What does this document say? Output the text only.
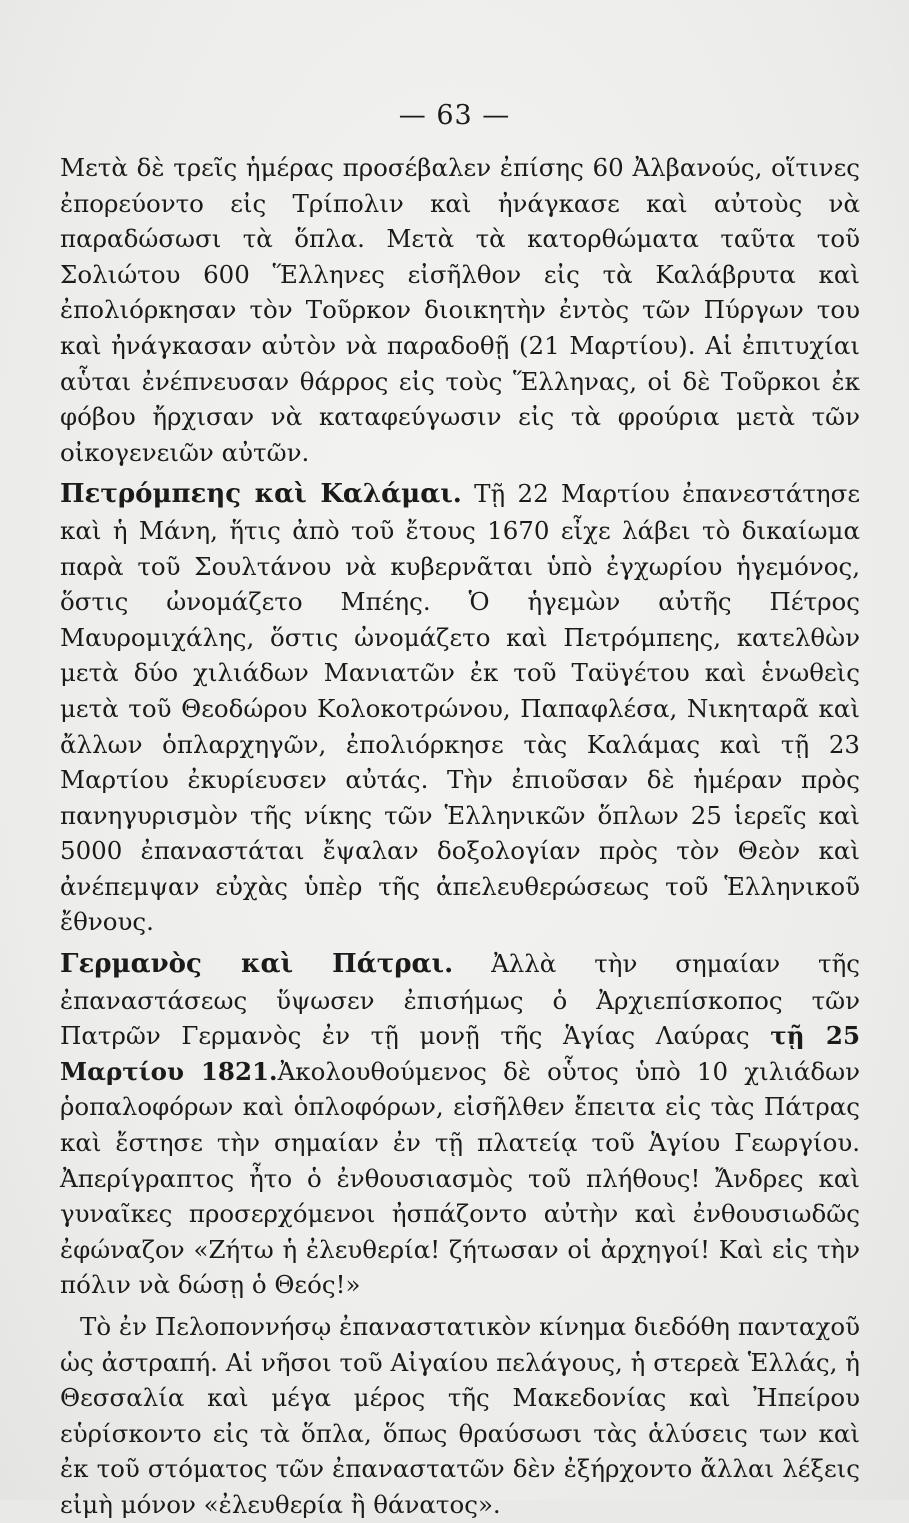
— 63 —

Μετὰ δὲ τρεῖς ἡμέρας προσέβαλεν ἐπίσης 60 Ἀλβανούς, οἵτινες ἐπορεύοντο εἰς Τρίπολιν καὶ ἠνάγκασε καὶ αὐτοὺς νὰ παραδώσωσι τὰ ὅπλα. Μετὰ τὰ κατορθώματα ταῦτα τοῦ Σολιώτου 600 Ἕλληνες εἰσῆλθον εἰς τὰ Καλάβρυτα καὶ ἐπολιόρκησαν τὸν Τοῦρκον διοικητὴν ἐντὸς τῶν Πύργων του καὶ ἠνάγκασαν αὐτὸν νὰ παραδοθῇ (21 Μαρτίου). Αἱ ἐπιτυχίαι αὗται ἐνέπνευσαν θάρρος εἰς τοὺς Ἕλληνας, οἱ δὲ Τοῦρκοι ἐκ φόβου ἤρχισαν νὰ καταφεύγωσιν εἰς τὰ φρούρια μετὰ τῶν οἰκογενειῶν αὐτῶν.

Πετρόμπεης καὶ Καλάμαι. Τῇ 22 Μαρτίου ἐπανεστάτησε καὶ ἡ Μάνη, ἥτις ἀπὸ τοῦ ἔτους 1670 εἶχε λάβει τὸ δικαίωμα παρὰ τοῦ Σουλτάνου νὰ κυβερνᾶται ὑπὸ ἐγχωρίου ἡγεμόνος, ὅστις ὠνομάζετο Μπέης. Ὁ ἡγεμὼν αὐτῆς Πέτρος Μαυρομιχάλης, ὅστις ὠνομάζετο καὶ Πετρόμπεης, κατελθὼν μετὰ δύο χιλιάδων Μανιατῶν ἐκ τοῦ Ταϋγέτου καὶ ἑνωθεὶς μετὰ τοῦ Θεοδώρου Κολοκοτρώνου, Παπαφλέσα, Νικηταρᾶ καὶ ἄλλων ὁπλαρχηγῶν, ἐπολιόρκησε τὰς Καλάμας καὶ τῇ 23 Μαρτίου ἐκυρίευσεν αὐτάς. Τὴν ἐπιοῦσαν δὲ ἡμέραν πρὸς πανηγυρισμὸν τῆς νίκης τῶν Ἑλληνικῶν ὅπλων 25 ἱερεῖς καὶ 5000 ἐπαναστάται ἔψαλαν δοξολογίαν πρὸς τὸν Θεὸν καὶ ἀνέπεμψαν εὐχὰς ὑπὲρ τῆς ἀπελευθερώσεως τοῦ Ἑλληνικοῦ ἔθνους.

Γερμανὸς καὶ Πάτραι. Ἀλλὰ τὴν σημαίαν τῆς ἐπαναστάσεως ὕψωσεν ἐπισήμως ὁ Ἀρχιεπίσκοπος τῶν Πατρῶν Γερμανὸς ἐν τῇ μονῇ τῆς Ἁγίας Λαύρας τῇ 25 Μαρτίου 1821.Ἀκολουθούμενος δὲ οὗτος ὑπὸ 10 χιλιάδων ῥοπαλοφόρων καὶ ὁπλοφόρων, εἰσῆλθεν ἔπειτα εἰς τὰς Πάτρας καὶ ἔστησε τὴν σημαίαν ἐν τῇ πλατείᾳ τοῦ Ἁγίου Γεωργίου. Ἀπερίγραπτος ἦτο ὁ ἐνθουσιασμὸς τοῦ πλήθους! Ἄνδρες καὶ γυναῖκες προσερχόμενοι ἠσπάζοντο αὐτὴν καὶ ἐνθουσιωδῶς ἐφώναζον «Ζήτω ἡ ἐλευθερία! ζήτωσαν οἱ ἀρχηγοί! Καὶ εἰς τὴν πόλιν νὰ δώσῃ ὁ Θεός!»

Τὸ ἐν Πελοποννήσῳ ἐπαναστατικὸν κίνημα διεδόθη πανταχοῦ ὡς ἀστραπή. Αἱ νῆσοι τοῦ Αἰγαίου πελάγους, ἡ στερεὰ Ἑλλάς, ἡ Θεσσαλία καὶ μέγα μέρος τῆς Μακεδονίας καὶ Ἠπείρου εὑρίσκοντο εἰς τὰ ὅπλα, ὅπως θραύσωσι τὰς ἁλύσεις των καὶ ἐκ τοῦ στόματος τῶν ἐπαναστατῶν δὲν ἐξήρχοντο ἄλλαι λέξεις εἰμὴ μόνον «ἐλευθερία ἢ θάνατος».
